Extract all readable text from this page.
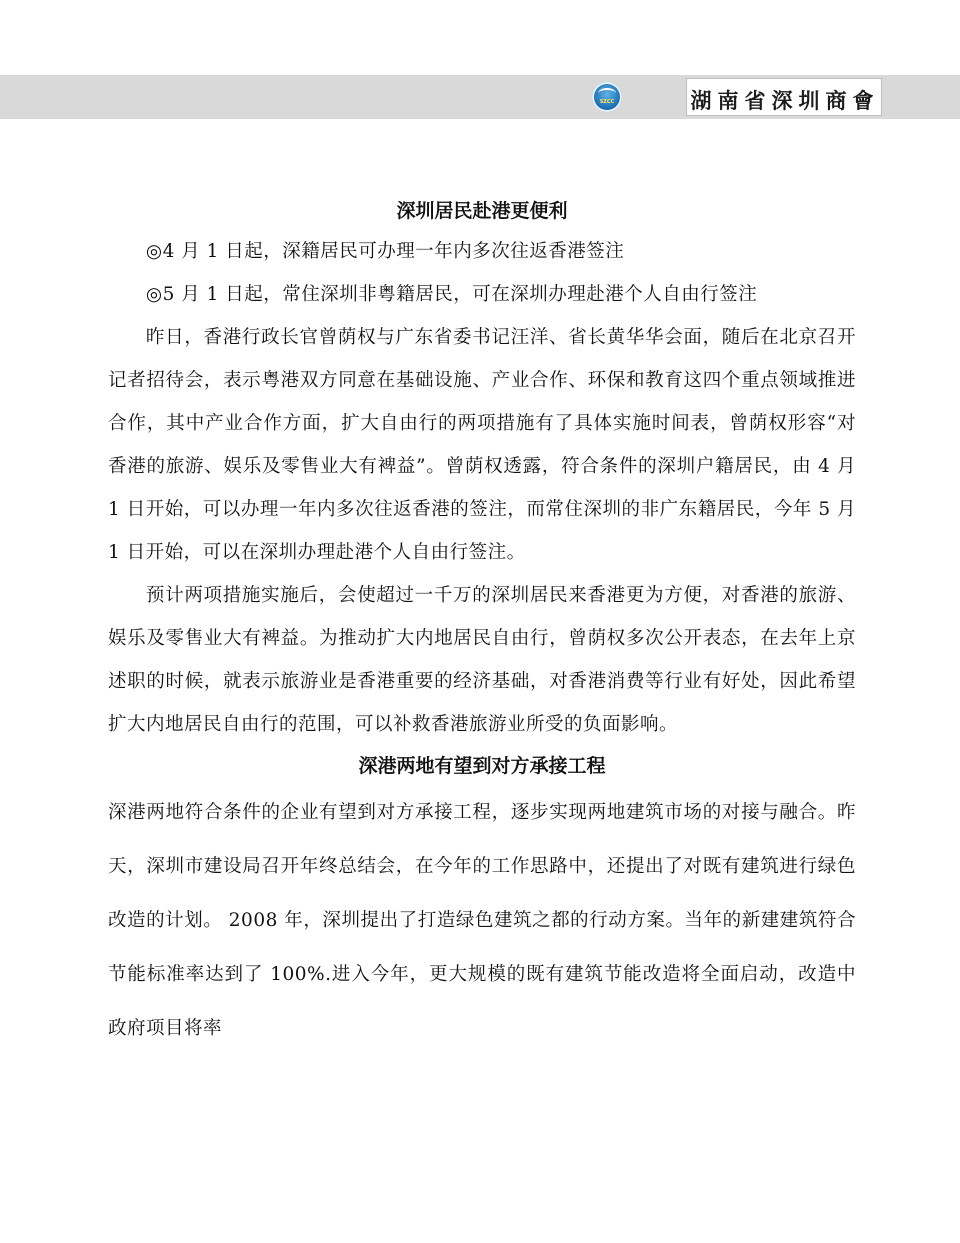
SZCC	湖南省深圳商會
深圳居民赴港更便利

◎4 月 1 日起，深籍居民可办理一年内多次往返香港签注

◎5 月 1 日起，常住深圳非粤籍居民，可在深圳办理赴港个人自由行签注

昨日，香港行政长官曾荫权与广东省委书记汪洋、省长黄华华会面，随后在北京召开记者招待会，表示粤港双方同意在基础设施、产业合作、环保和教育这四个重点领域推进合作，其中产业合作方面，扩大自由行的两项措施有了具体实施时间表，曾荫权形容“对香港的旅游、娱乐及零售业大有裨益”。曾荫权透露，符合条件的深圳户籍居民，由 4 月 1 日开始，可以办理一年内多次往返香港的签注，而常住深圳的非广东籍居民，今年 5 月 1 日开始，可以在深圳办理赴港个人自由行签注。

预计两项措施实施后，会使超过一千万的深圳居民来香港更为方便，对香港的旅游、娱乐及零售业大有裨益。为推动扩大内地居民自由行，曾荫权多次公开表态，在去年上京述职的时候，就表示旅游业是香港重要的经济基础，对香港消费等行业有好处，因此希望扩大内地居民自由行的范围，可以补救香港旅游业所受的负面影响。

深港两地有望到对方承接工程

深港两地符合条件的企业有望到对方承接工程，逐步实现两地建筑市场的对接与融合。昨天，深圳市建设局召开年终总结会，在今年的工作思路中，还提出了对既有建筑进行绿色改造的计划。 2008 年，深圳提出了打造绿色建筑之都的行动方案。当年的新建建筑符合节能标准率达到了 100%.进入今年，更大规模的既有建筑节能改造将全面启动，改造中政府项目将率
